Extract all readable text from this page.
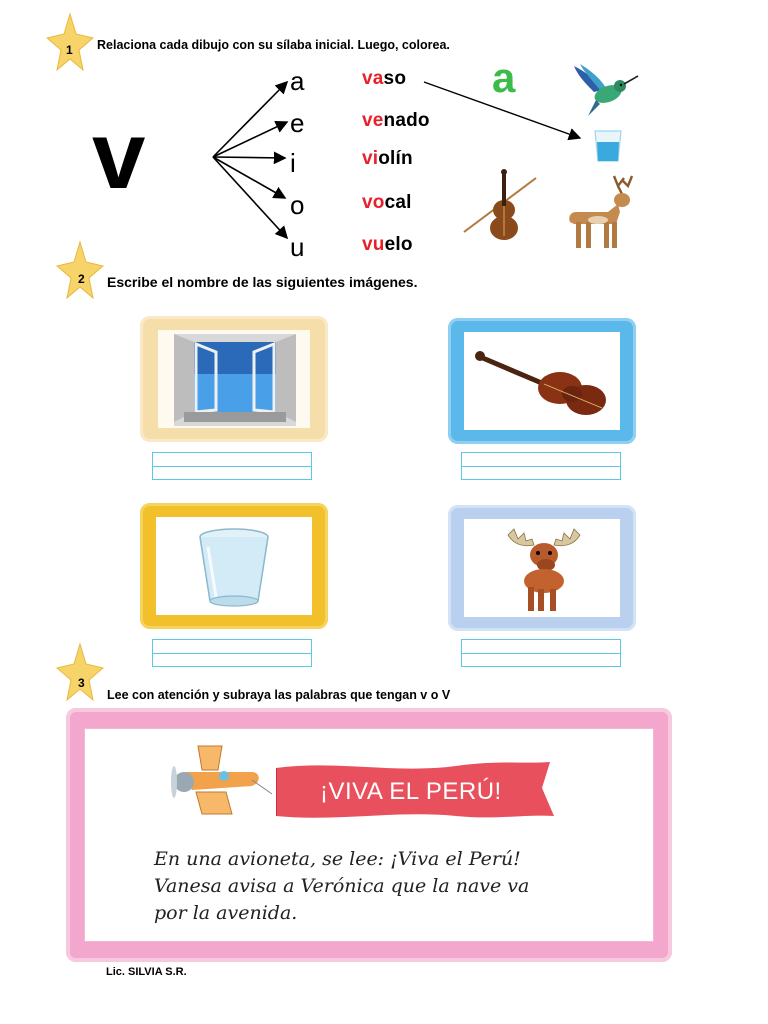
1 Relaciona cada dibujo con su sílaba inicial. Luego, colorea.
v
a
e
i
o
u
vaso
venado
violín
vocal
vuelo
a
2 Escribe el nombre de las siguientes imágenes.
3
Lee con atención y subraya las palabras que tengan v o V
¡VIVA EL PERÚ!
En una avioneta, se lee: ¡Viva el Perú!
Vanesa avisa a Verónica que la nave va
por la avenida.
Lic. SILVIA S.R.
